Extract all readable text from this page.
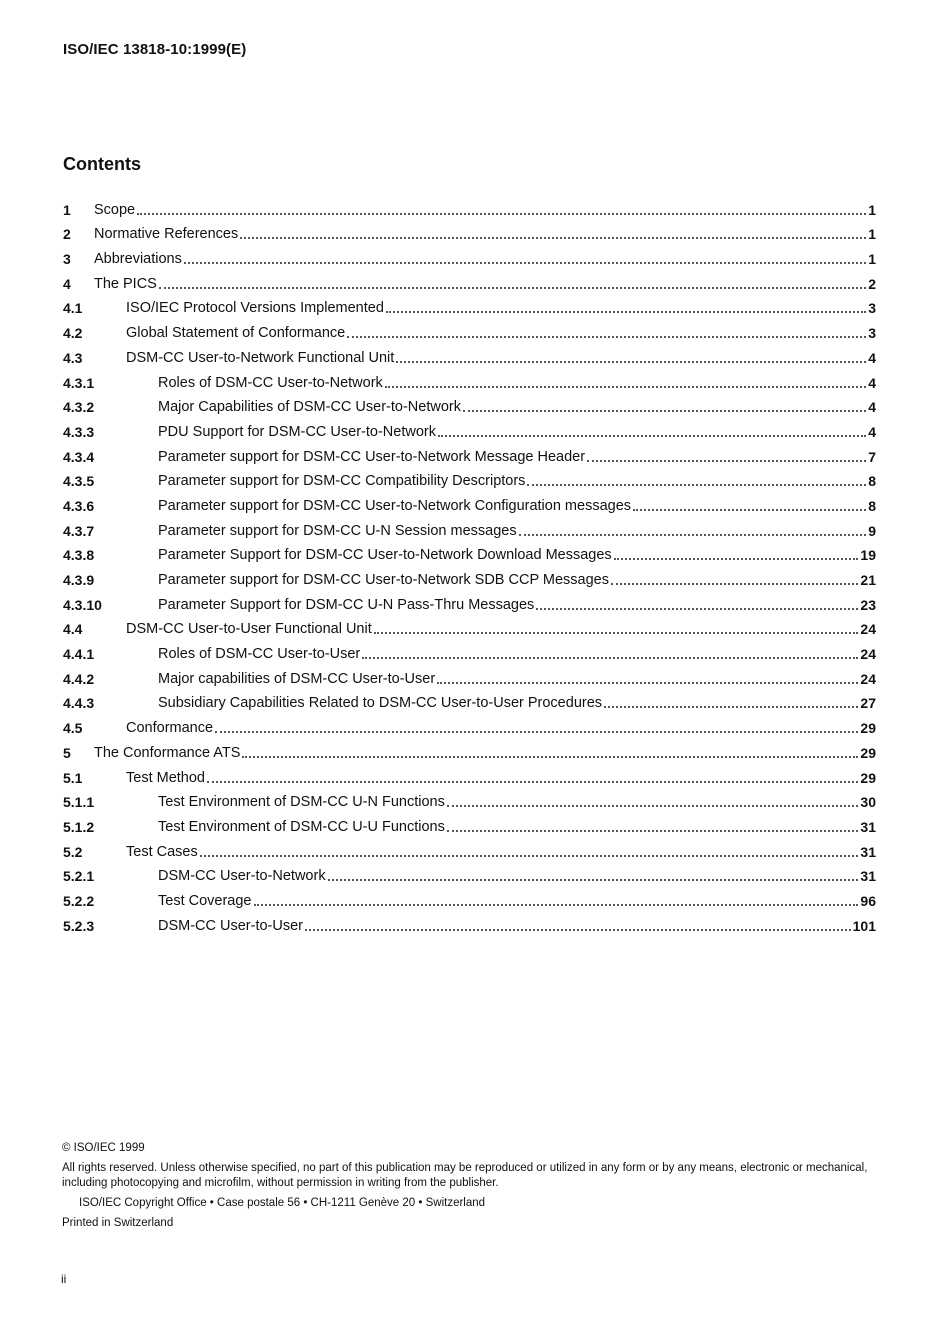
ISO/IEC 13818-10:1999(E)
Contents
1	Scope	1
2	Normative References	1
3	Abbreviations	1
4	The PICS	2
4.1	ISO/IEC Protocol Versions Implemented	3
4.2	Global Statement of Conformance	3
4.3	DSM-CC User-to-Network Functional Unit	4
4.3.1	Roles of DSM-CC User-to-Network	4
4.3.2	Major Capabilities of DSM-CC User-to-Network	4
4.3.3	PDU Support for DSM-CC User-to-Network	4
4.3.4	Parameter support for DSM-CC User-to-Network Message Header	7
4.3.5	Parameter support for DSM-CC Compatibility Descriptors	8
4.3.6	Parameter support for DSM-CC User-to-Network Configuration messages	8
4.3.7	Parameter support for DSM-CC U-N Session messages	9
4.3.8	Parameter Support for DSM-CC User-to-Network Download Messages	19
4.3.9	Parameter support for DSM-CC User-to-Network SDB CCP Messages	21
4.3.10	Parameter Support for DSM-CC U-N Pass-Thru Messages	23
4.4	DSM-CC User-to-User Functional Unit	24
4.4.1	Roles of DSM-CC User-to-User	24
4.4.2	Major capabilities of DSM-CC User-to-User	24
4.4.3	Subsidiary Capabilities Related to DSM-CC User-to-User Procedures	27
4.5	Conformance	29
5	The Conformance ATS	29
5.1	Test Method	29
5.1.1	Test Environment of DSM-CC U-N Functions	30
5.1.2	Test Environment of DSM-CC U-U Functions	31
5.2	Test Cases	31
5.2.1	DSM-CC User-to-Network	31
5.2.2	Test Coverage	96
5.2.3	DSM-CC User-to-User	101
© ISO/IEC 1999
All rights reserved. Unless otherwise specified, no part of this publication may be reproduced or utilized in any form or by any means, electronic or mechanical, including photocopying and microfilm, without permission in writing from the publisher.
ISO/IEC Copyright Office • Case postale 56 • CH-1211 Genève 20 • Switzerland
Printed in Switzerland
ii
